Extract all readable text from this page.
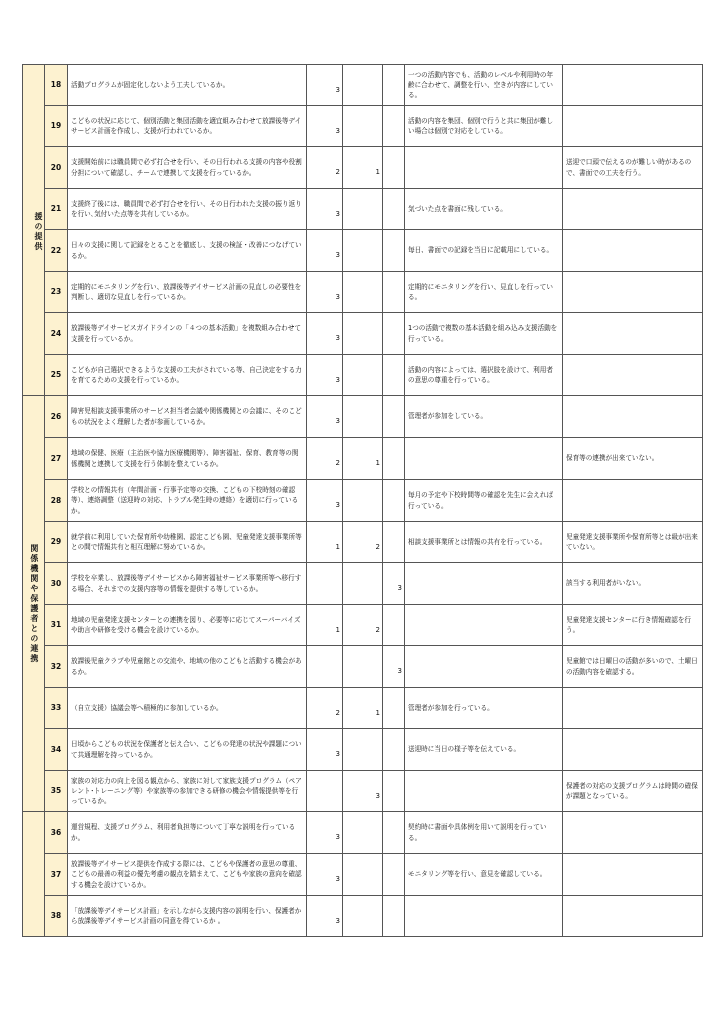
援の提供	18	活動プログラムが固定化しないよう工夫しているか。	3			一つの活動内容でも、活動のレベルや利用時の年齢に合わせて、調整を行い、空きが内容にしている。	
	19	こどもの状況に応じて、個別活動と集団活動を適宜組み合わせて放課後等デイサービス計画を作成し、支援が行われているか。	3			活動の内容を集団、個別で行うと共に集団が難しい場合は個別で対応をしている。	
	20	支援開始前には職員間で必ず打合せを行い、その日行われる支援の内容や役割分担について確認し、チームで連携して支援を行っているか。	2	1			送迎で口頭で伝えるのが難しい時があるので、書面での工夫を行う。
	21	支援終了後には、職員間で必ず打合せを行い、その日行われた支援の振り返りを行い､気付いた点等を共有しているか。	3			気づいた点を書面に残している。	
	22	日々の支援に関して記録をとることを徹底し、支援の検証・改善につなげているか。	3			毎日、書面での記録を当日に記載用にしている。	
	23	定期的にモニタリングを行い、放課後等デイサービス計画の見直しの必要性を判断し、適切な見直しを行っているか。	3			定期的にモニタリングを行い、見直しを行っている。	
	24	放課後等デイサービスガイドラインの「４つの基本活動」を複数組み合わせて支援を行っているか。	3			1つの活動で複数の基本活動を組み込み支援活動を行っている。	
	25	こどもが自己選択できるような支援の工夫がされている等、自己決定をする力を育てるための支援を行っているか。	3			活動の内容によっては、選択肢を設けて、利用者の意思の尊重を行っている。	
関係機関や保護者との連携	26	障害児相談支援事業所のサービス担当者会議や関係機関との会議に、そのこどもの状況をよく理解した者が参画しているか。	3			管理者が参加をしている。	
	27	地域の保健、医療（主治医や協力医療機関等）、障害福祉、保育、教育等の関係機関と連携して支援を行う体制を整えているか。	2	1			保育等の連携が出来ていない。
	28	学校との情報共有（年間計画・行事予定等の交換、こどもの下校時刻の確認等）、連絡調整（送迎時の対応、トラブル発生時の連絡）を適切に行っているか。	3			毎月の予定や下校時間等の確認を先生に会えれば行っている。	
	29	就学前に利用していた保育所や幼稚園、認定こども園、児童発達支援事業所等との間で情報共有と相互理解に努めているか。	1	2		相談支援事業所とは情報の共有を行っている。	児童発達支援事業所や保育所等とは級が出来ていない。
	30	学校を卒業し、放課後等デイサービスから障害福祉サービス事業所等へ移行する場合、それまでの支援内容等の情報を提供する等しているか。			3		該当する利用者がいない。
	31	地域の児童発達支援センターとの連携を図り、必要等に応じてスーパーバイズや助言や研修を受ける機会を設けているか。	1	2			児童発達支援センターに行き情報確認を行う。
	32	放課後児童クラブや児童館との交流や、地域の他のこどもと活動する機会があるか。			3		児童館では日曜日の活動が多いので、土曜日の活動内容を確認する。
	33	（自立支援）協議会等へ積極的に参加しているか。	2	1		管理者が参加を行っている。	
	34	日頃からこどもの状況を保護者と伝え合い、こどもの発達の状況や課題について共通理解を持っているか。	3			送迎時に当日の様子等を伝えている。	
	35	家族の対応力の向上を図る観点から、家族に対して家族支援プログラム（ペアレント･トレーニング等）や家族等の参加できる研修の機会や情報提供等を行っているか。		3			保護者の対応の支援プログラムは時間の確保が課題となっている。
	36	運営規程、支援プログラム、利用者負担等について丁寧な説明を行っているか。	3			契約時に書面や具体例を用いて説明を行っている。	
	37	放課後等デイサービス提供を作成する際には、こどもや保護者の意思の尊重、こどもの最善の利益の優先考慮の観点を踏まえて、こどもや家族の意向を確認する機会を設けているか。	3			モニタリング等を行い、意見を確認している。	
	38	「放課後等デイサービス計画」を示しながら支援内容の説明を行い、保護者から放課後等デイサービス計画の同意を得ているか 。	3				
